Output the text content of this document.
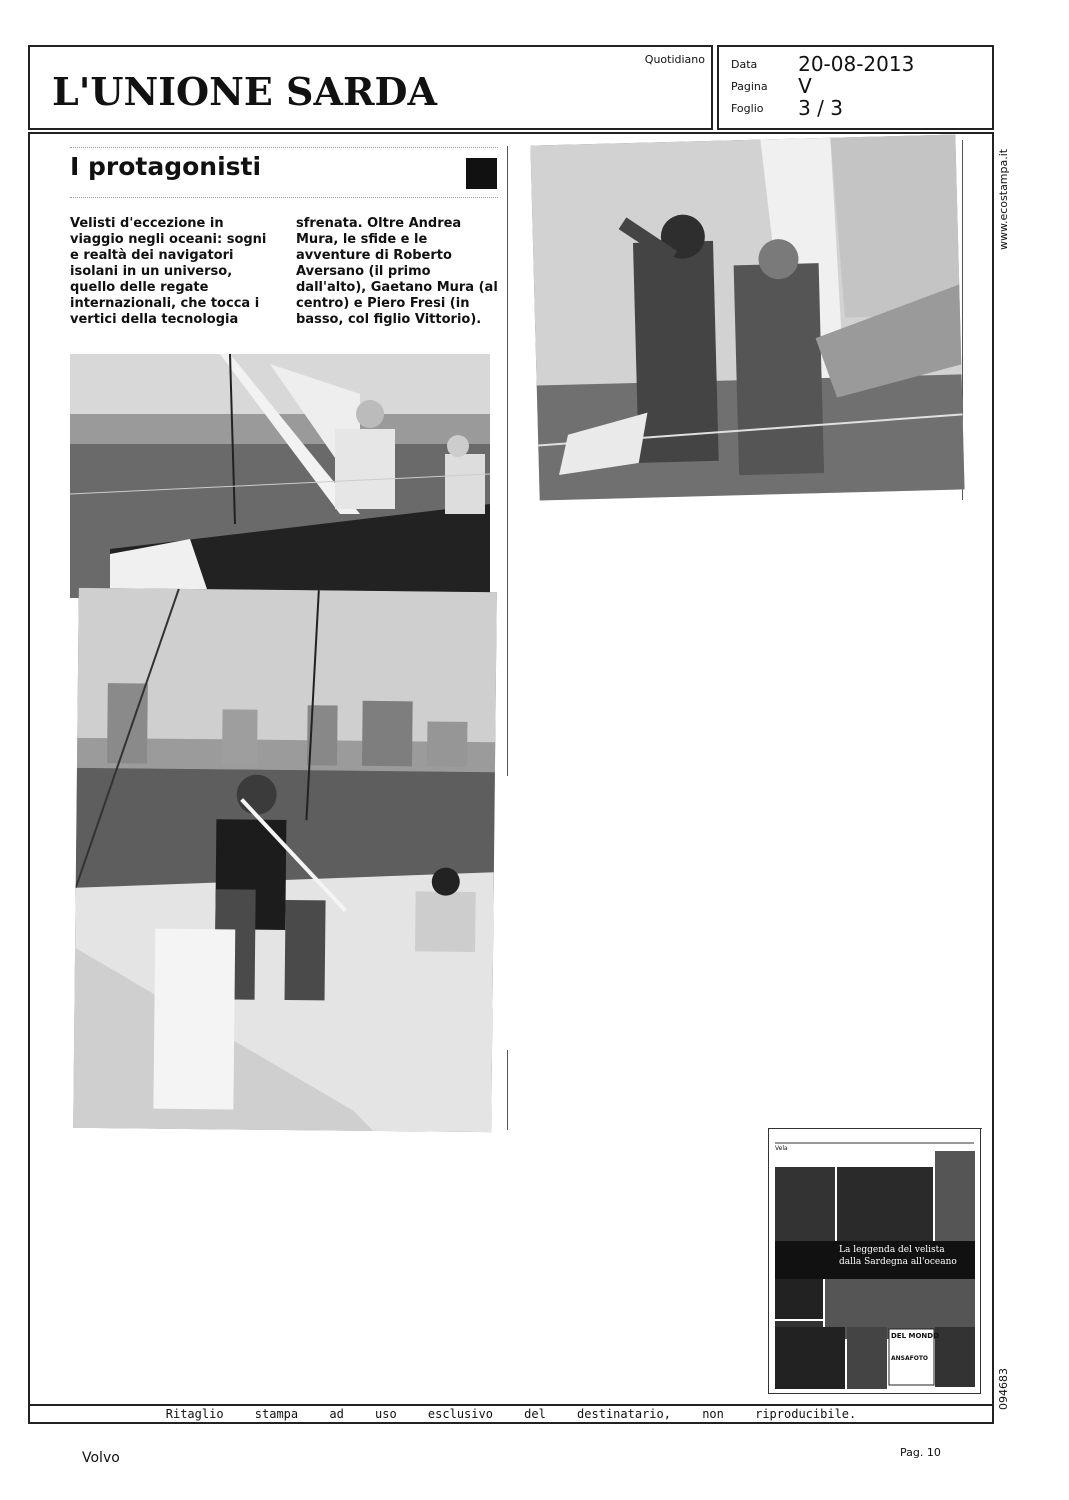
L'UNIONE SARDA
Quotidiano Data 20-08-2013
Pagina V
Foglio 3 / 3
Ritaglio stampa ad uso esclusivo del destinatario, non riproducibile.
www.ecostampa.it
094683
I protagonisti
Velisti d'eccezione in viaggio negli oceani: sogni e realtà dei navigatori isolani in un universo, quello delle regate internazionali, che tocca i vertici della tecnologia sfrenata. Oltre Andrea Mura, le sfide e le avventure di Roberto Aversano (il primo dall'alto), Gaetano Mura (al centro) e Piero Fresi (in basso, col figlio Vittorio).
Vela
La leggenda del velista
dalla Sardegna all'oceano
DEL MONDO
ANSAFOTO
Volvo	Pag. 10
